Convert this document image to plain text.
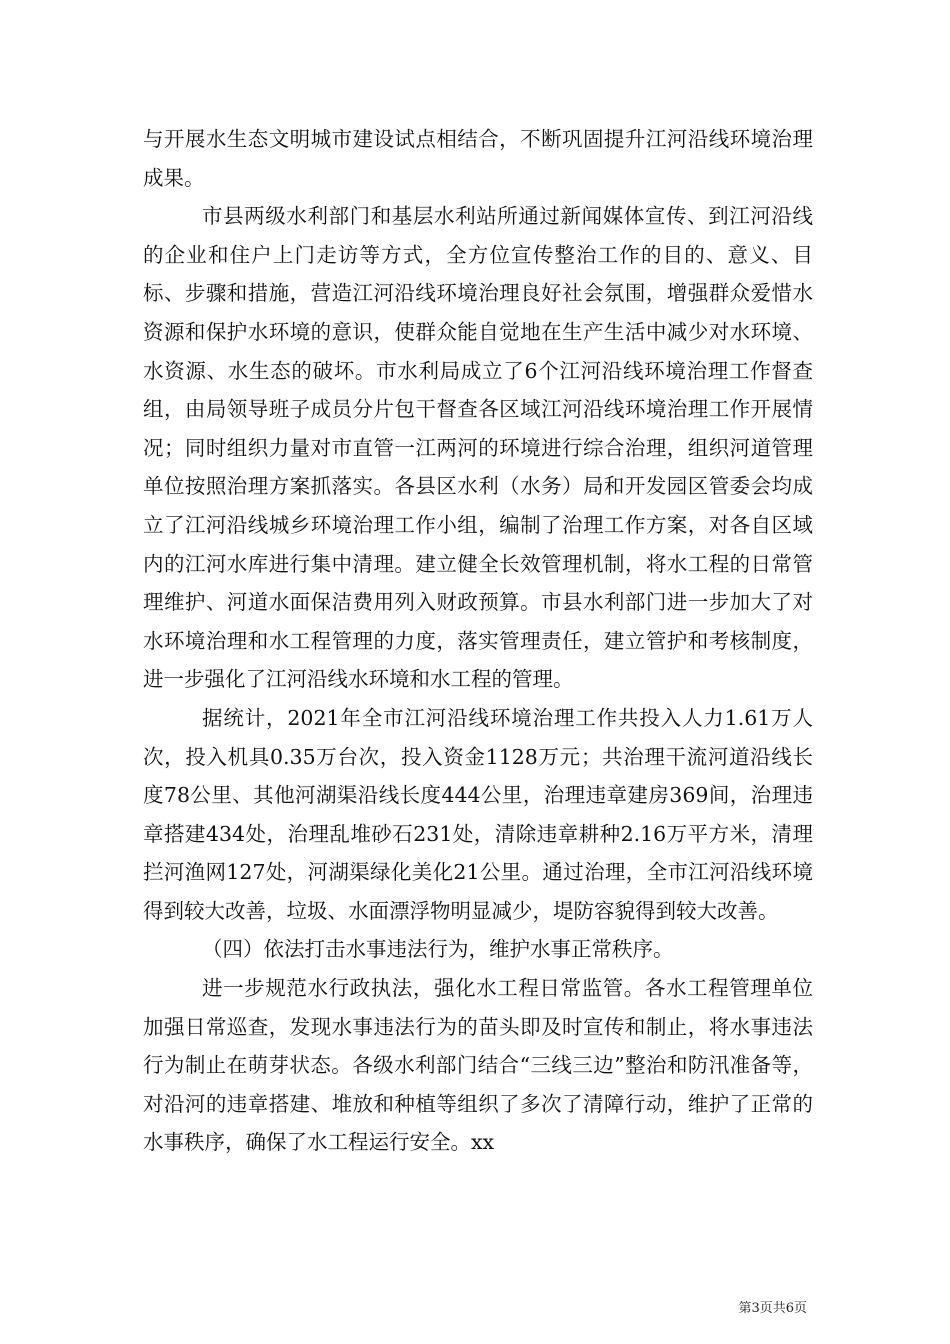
与开展水生态文明城市建设试点相结合，不断巩固提升江河沿线环境治理成果。

市县两级水利部门和基层水利站所通过新闻媒体宣传、到江河沿线的企业和住户上门走访等方式，全方位宣传整治工作的目的、意义、目标、步骤和措施，营造江河沿线环境治理良好社会氛围，增强群众爱惜水资源和保护水环境的意识，使群众能自觉地在生产生活中减少对水环境、水资源、水生态的破坏。市水利局成立了6个江河沿线环境治理工作督查组，由局领导班子成员分片包干督查各区域江河沿线环境治理工作开展情况；同时组织力量对市直管一江两河的环境进行综合治理，组织河道管理单位按照治理方案抓落实。各县区水利（水务）局和开发园区管委会均成立了江河沿线城乡环境治理工作小组，编制了治理工作方案，对各自区域内的江河水库进行集中清理。建立健全长效管理机制，将水工程的日常管理维护、河道水面保洁费用列入财政预算。市县水利部门进一步加大了对水环境治理和水工程管理的力度，落实管理责任，建立管护和考核制度，进一步强化了江河沿线水环境和水工程的管理。

据统计，2021年全市江河沿线环境治理工作共投入人力1.61万人次，投入机具0.35万台次，投入资金1128万元；共治理干流河道沿线长度78公里、其他河湖渠沿线长度444公里，治理违章建房369间，治理违章搭建434处，治理乱堆砂石231处，清除违章耕种2.16万平方米，清理拦河渔网127处，河湖渠绿化美化21公里。通过治理，全市江河沿线环境得到较大改善，垃圾、水面漂浮物明显减少，堤防容貌得到较大改善。

（四）依法打击水事违法行为，维护水事正常秩序。

进一步规范水行政执法，强化水工程日常监管。各水工程管理单位加强日常巡查，发现水事违法行为的苗头即及时宣传和制止，将水事违法行为制止在萌芽状态。各级水利部门结合“三线三边”整治和防汛准备等，对沿河的违章搭建、堆放和种植等组织了多次了清障行动，维护了正常的水事秩序，确保了水工程运行安全。xx

第3页共6页
